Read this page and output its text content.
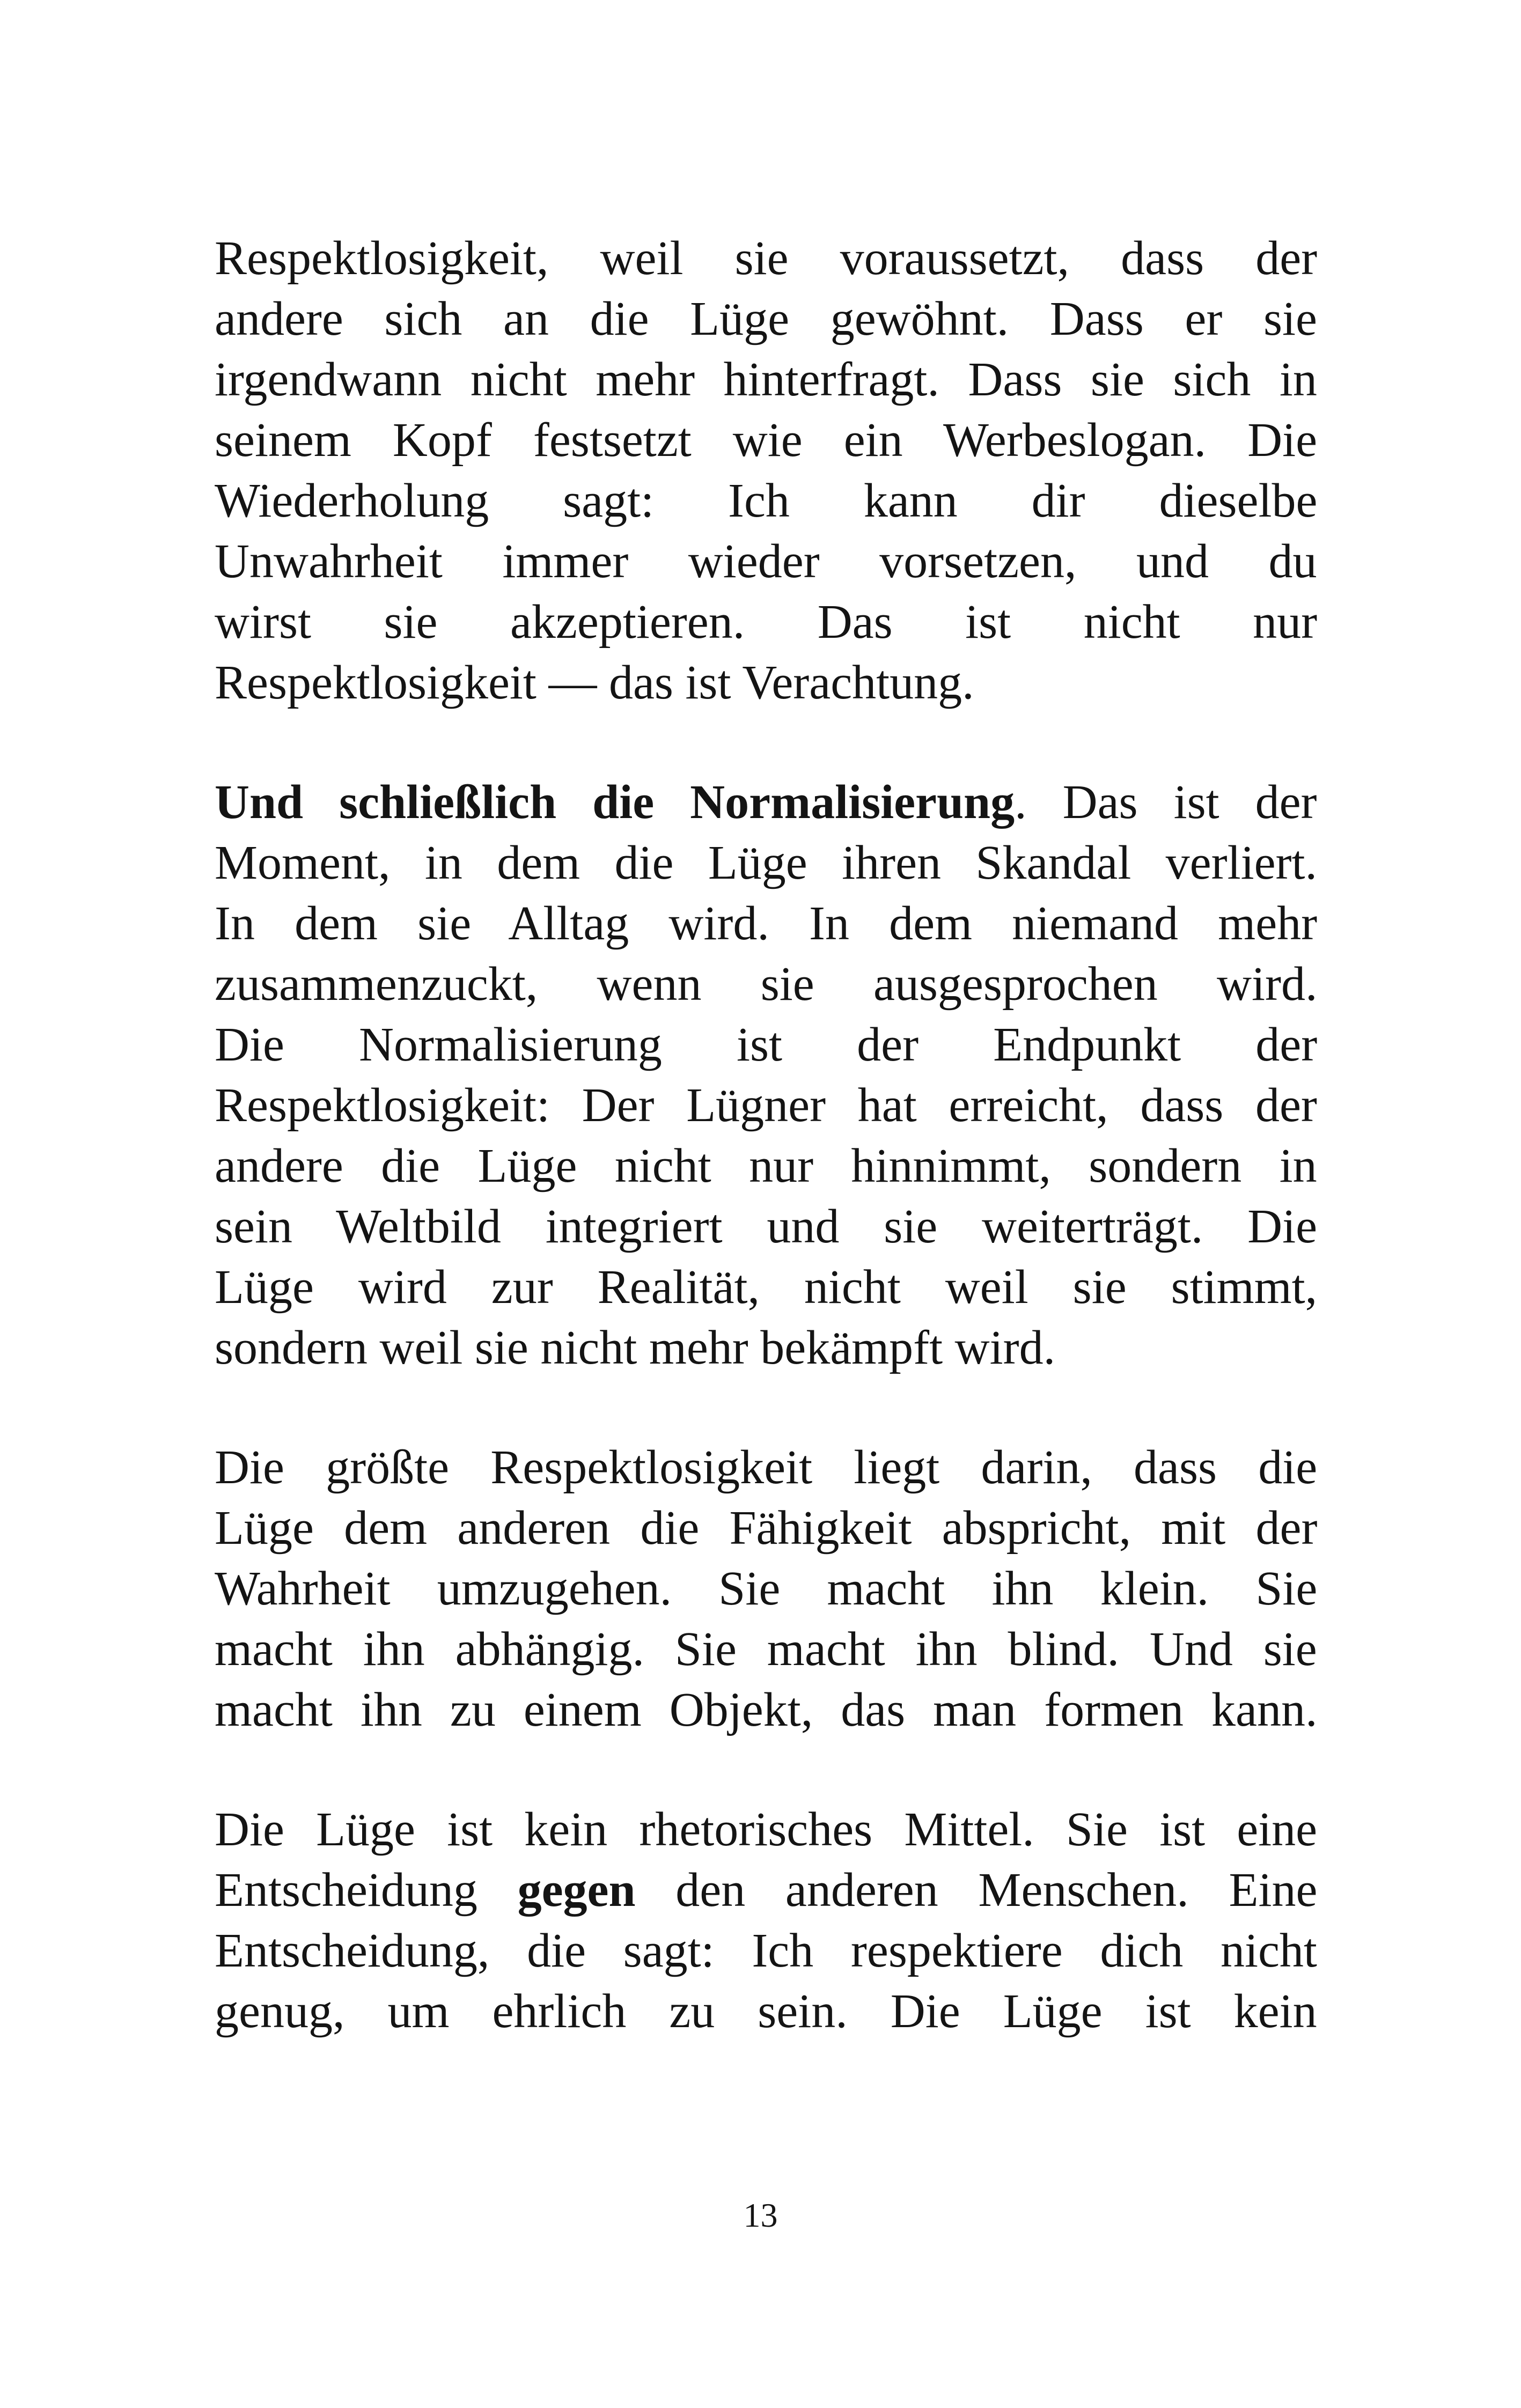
Respektlosigkeit, weil sie voraussetzt, dass der
andere sich an die Lüge gewöhnt. Dass er sie
irgendwann nicht mehr hinterfragt. Dass sie sich in
seinem Kopf festsetzt wie ein Werbeslogan. Die
Wiederholung sagt: Ich kann dir dieselbe
Unwahrheit immer wieder vorsetzen, und du
wirst sie akzeptieren. Das ist nicht nur
Respektlosigkeit — das ist Verachtung.

Und schließlich die Normalisierung. Das ist der
Moment, in dem die Lüge ihren Skandal verliert.
In dem sie Alltag wird. In dem niemand mehr
zusammenzuckt, wenn sie ausgesprochen wird.
Die Normalisierung ist der Endpunkt der
Respektlosigkeit: Der Lügner hat erreicht, dass der
andere die Lüge nicht nur hinnimmt, sondern in
sein Weltbild integriert und sie weiterträgt. Die
Lüge wird zur Realität, nicht weil sie stimmt,
sondern weil sie nicht mehr bekämpft wird.

Die größte Respektlosigkeit liegt darin, dass die
Lüge dem anderen die Fähigkeit abspricht, mit der
Wahrheit umzugehen. Sie macht ihn klein. Sie
macht ihn abhängig. Sie macht ihn blind. Und sie
macht ihn zu einem Objekt, das man formen kann.

Die Lüge ist kein rhetorisches Mittel. Sie ist eine
Entscheidung gegen den anderen Menschen. Eine
Entscheidung, die sagt: Ich respektiere dich nicht
genug, um ehrlich zu sein. Die Lüge ist kein

13
